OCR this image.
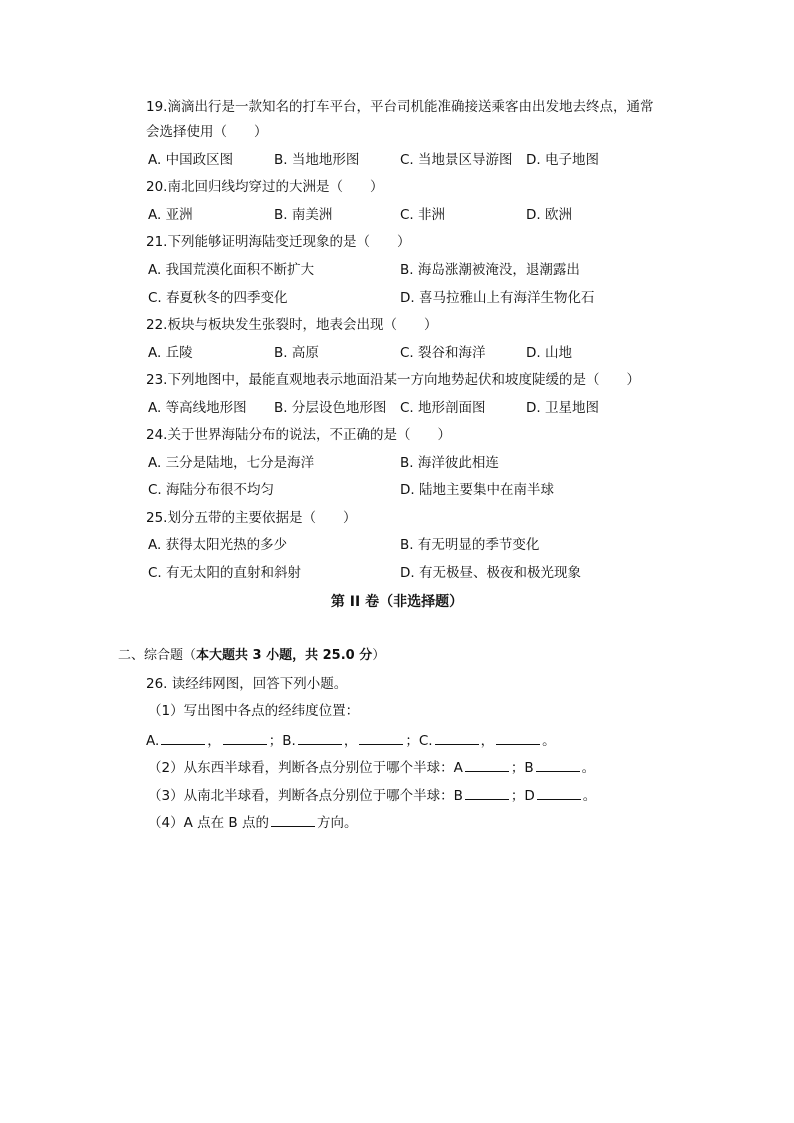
19.滴滴出行是一款知名的打车平台，平台司机能准确接送乘客由出发地去终点，通常
会选择使用（　　）
A. 中国政区图	B. 当地地形图	C. 当地景区导游图 D. 电子地图
20.南北回归线均穿过的大洲是（　　）
A. 亚洲	B. 南美洲	C. 非洲	D. 欧洲
21.下列能够证明海陆变迁现象的是（　　）
A. 我国荒漠化面积不断扩大	B. 海岛涨潮被淹没，退潮露出
C. 春夏秋冬的四季变化	D. 喜马拉雅山上有海洋生物化石
22.板块与板块发生张裂时，地表会出现（　　）
A. 丘陵	B. 高原	C. 裂谷和海洋	D. 山地
23.下列地图中，最能直观地表示地面沿某一方向地势起伏和坡度陡缓的是（　　）
A. 等高线地形图 B. 分层设色地形图 C. 地形剖面图	D. 卫星地图
24.关于世界海陆分布的说法，不正确的是（　　）
A. 三分是陆地，七分是海洋	B. 海洋彼此相连
C. 海陆分布很不均匀	D. 陆地主要集中在南半球
25.划分五带的主要依据是（　　）
A. 获得太阳光热的多少	B. 有无明显的季节变化
C. 有无太阳的直射和斜射	D. 有无极昼、极夜和极光现象
第 II 卷（非选择题）
二、综合题（本大题共 3 小题，共 25.0 分）
26. 读经纬网图，回答下列小题。
（1）写出图中各点的经纬度位置：
A.	，	；B.	，	；C.	，	。
（2）从东西半球看，判断各点分别位于哪个半球：A	；B	。
（3）从南北半球看，判断各点分别位于哪个半球：B	；D	。
（4）A 点在 B 点的	方向。
